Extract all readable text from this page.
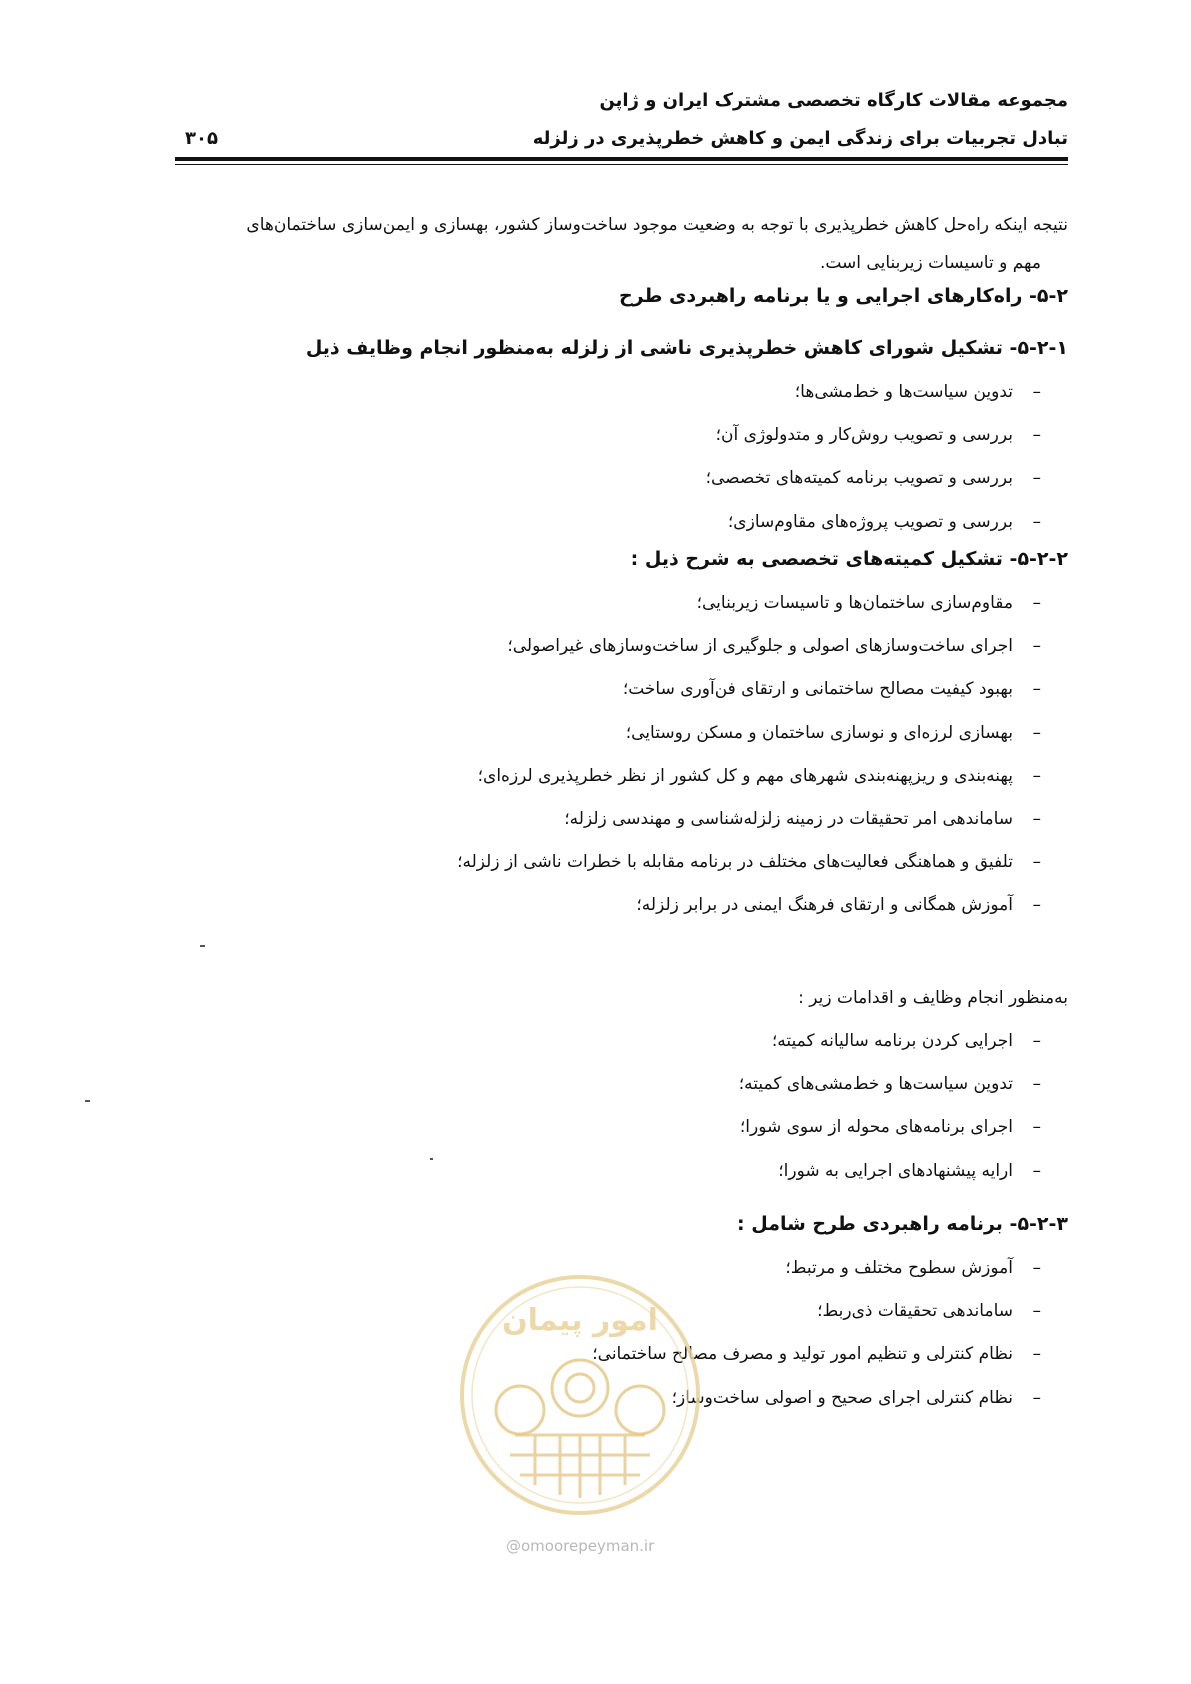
مجموعه مقالات کارگاه تخصصی مشترک ایران و ژاپن
تبادل تجربیات برای زندگی ایمن و کاهش خطرپذیری در زلزله
۳۰۵
نتیجه اینکه راه‌حل کاهش خطرپذیری با توجه به وضعیت موجود ساخت‌وساز کشور، بهسازی و ایمن‌سازی ساختمان‌های
مهم و تاسیسات زیربنایی است.
۵-۲- راه‌کارهای اجرایی و یا برنامه راهبردی طرح
۵-۲-۱- تشکیل شورای کاهش خطرپذیری ناشی از زلزله به‌منظور انجام وظایف ذیل
–
تدوین سیاست‌ها و خط‌مشی‌ها؛
–
بررسی و تصویب روش‌کار و متدولوژی آن؛
–
بررسی و تصویب برنامه کمیته‌های تخصصی؛
–
بررسی و تصویب پروژه‌های مقاوم‌سازی؛
۵-۲-۲- تشکیل کمیته‌های تخصصی به شرح ذیل :
–
مقاوم‌سازی ساختمان‌ها و تاسیسات زیربنایی؛
–
اجرای ساخت‌وسازهای اصولی و جلوگیری از ساخت‌وسازهای غیراصولی؛
–
بهبود کیفیت مصالح ساختمانی و ارتقای فن‌آوری ساخت؛
–
بهسازی لرزه‌ای و نوسازی ساختمان و مسکن روستایی؛
–
پهنه‌بندی و ریزپهنه‌بندی شهرهای مهم و کل کشور از نظر خطرپذیری لرزه‌ای؛
–
ساماندهی امر تحقیقات در زمینه زلزله‌شناسی و مهندسی زلزله؛
–
تلفیق و هماهنگی فعالیت‌های مختلف در برنامه مقابله با خطرات ناشی از زلزله؛
–
آموزش همگانی و ارتقای فرهنگ ایمنی در برابر زلزله؛
به‌منظور انجام وظایف و اقدامات زیر :
–
اجرایی کردن برنامه سالیانه کمیته؛
–
تدوین سیاست‌ها و خط‌مشی‌های کمیته؛
–
اجرای برنامه‌های محوله از سوی شورا؛
–
ارایه پیشنهادهای اجرایی به شورا؛
۵-۲-۳- برنامه راهبردی طرح شامل :
–
آموزش سطوح مختلف و مرتبط؛
–
ساماندهی تحقیقات ذی‌ربط؛
–
نظام کنترلی و تنظیم امور تولید و مصرف مصالح ساختمانی؛
–
نظام کنترلی اجرای صحیح و اصولی ساخت‌وساز؛
امور پیمان
@omoorepeyman.ir
